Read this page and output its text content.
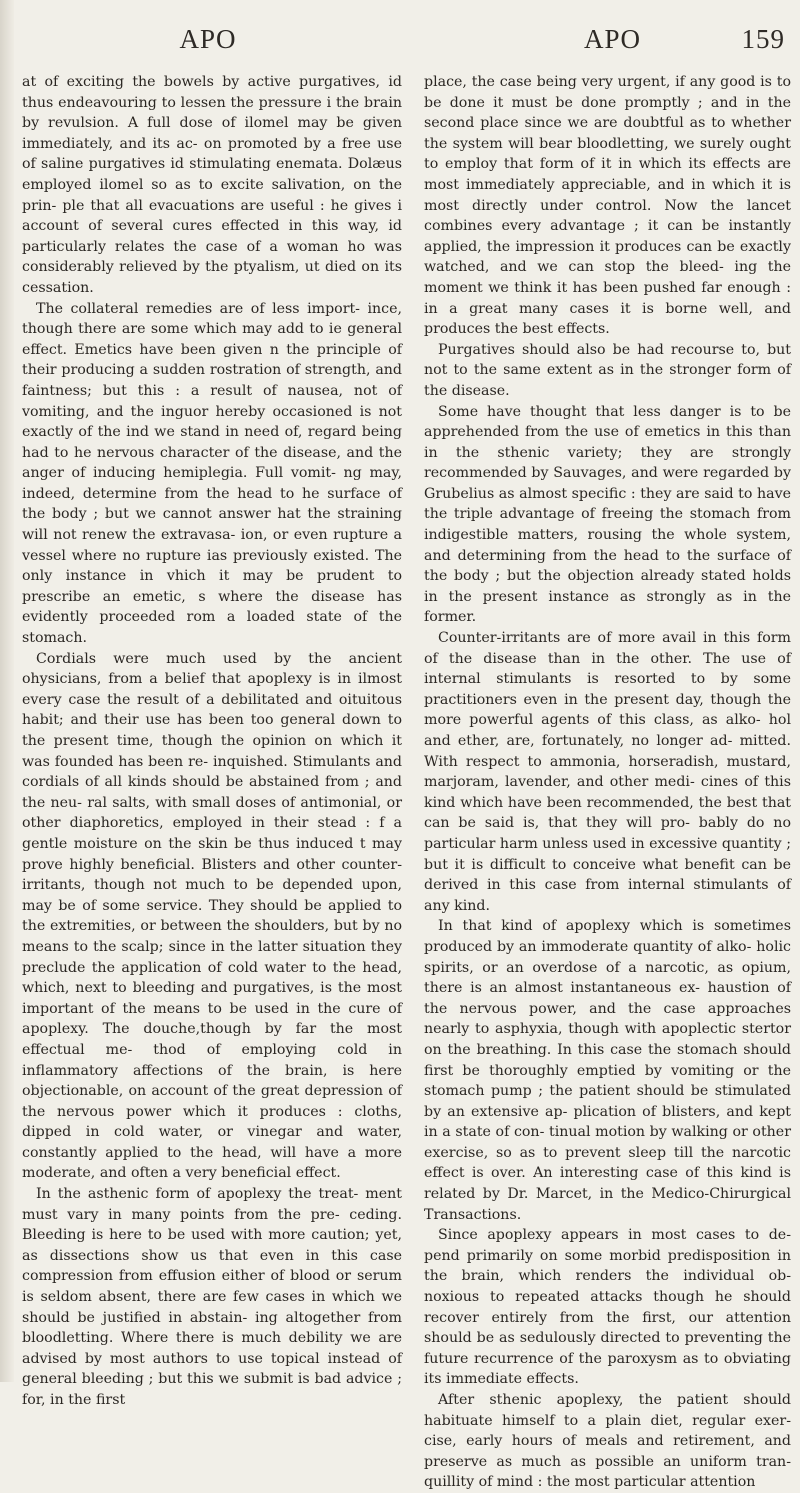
APO	APO	159

at of exciting the bowels by active purgatives, id thus endeavouring to lessen the pressure i the brain by revulsion. A full dose of ilomel may be given immediately, and its ac- on promoted by a free use of saline purgatives id stimulating enemata. Dolæus employed ilomel so as to excite salivation, on the prin- ple that all evacuations are useful : he gives i account of several cures effected in this way, id particularly relates the case of a woman ho was considerably relieved by the ptyalism, ut died on its cessation.

The collateral remedies are of less import- ince, though there are some which may add to ie general effect. Emetics have been given n the principle of their producing a sudden rostration of strength, and faintness; but this : a result of nausea, not of vomiting, and the inguor hereby occasioned is not exactly of the ind we stand in need of, regard being had to he nervous character of the disease, and the anger of inducing hemiplegia. Full vomit- ng may, indeed, determine from the head to he surface of the body ; but we cannot answer hat the straining will not renew the extravasa- ion, or even rupture a vessel where no rupture ias previously existed. The only instance in vhich it may be prudent to prescribe an emetic, s where the disease has evidently proceeded rom a loaded state of the stomach.

Cordials were much used by the ancient ohysicians, from a belief that apoplexy is in ilmost every case the result of a debilitated and oituitous habit; and their use has been too general down to the present time, though the opinion on which it was founded has been re- inquished. Stimulants and cordials of all kinds should be abstained from ; and the neu- ral salts, with small doses of antimonial, or other diaphoretics, employed in their stead : f a gentle moisture on the skin be thus induced t may prove highly beneficial. Blisters and other counter-irritants, though not much to be depended upon, may be of some service. They should be applied to the extremities, or between the shoulders, but by no means to the scalp; since in the latter situation they preclude the application of cold water to the head, which, next to bleeding and purgatives, is the most important of the means to be used in the cure of apoplexy. The douche,though by far the most effectual me- thod of employing cold in inflammatory affections of the brain, is here objectionable, on account of the great depression of the nervous power which it produces : cloths, dipped in cold water, or vinegar and water, constantly applied to the head, will have a more moderate, and often a very beneficial effect.

In the asthenic form of apoplexy the treat- ment must vary in many points from the pre- ceding. Bleeding is here to be used with more caution; yet, as dissections show us that even in this case compression from effusion either of blood or serum is seldom absent, there are few cases in which we should be justified in abstain- ing altogether from bloodletting. Where there is much debility we are advised by most authors to use topical instead of general bleeding ; but this we submit is bad advice ; for, in the first

place, the case being very urgent, if any good is to be done it must be done promptly ; and in the second place since we are doubtful as to whether the system will bear bloodletting, we surely ought to employ that form of it in which its effects are most immediately appreciable, and in which it is most directly under control. Now the lancet combines every advantage ; it can be instantly applied, the impression it produces can be exactly watched, and we can stop the bleed- ing the moment we think it has been pushed far enough : in a great many cases it is borne well, and produces the best effects.

Purgatives should also be had recourse to, but not to the same extent as in the stronger form of the disease.

Some have thought that less danger is to be apprehended from the use of emetics in this than in the sthenic variety; they are strongly recommended by Sauvages, and were regarded by Grubelius as almost specific : they are said to have the triple advantage of freeing the stomach from indigestible matters, rousing the whole system, and determining from the head to the surface of the body ; but the objection already stated holds in the present instance as strongly as in the former.

Counter-irritants are of more avail in this form of the disease than in the other. The use of internal stimulants is resorted to by some practitioners even in the present day, though the more powerful agents of this class, as alko- hol and ether, are, fortunately, no longer ad- mitted. With respect to ammonia, horseradish, mustard, marjoram, lavender, and other medi- cines of this kind which have been recommended, the best that can be said is, that they will pro- bably do no particular harm unless used in excessive quantity ; but it is difficult to conceive what benefit can be derived in this case from internal stimulants of any kind.

In that kind of apoplexy which is sometimes produced by an immoderate quantity of alko- holic spirits, or an overdose of a narcotic, as opium, there is an almost instantaneous ex- haustion of the nervous power, and the case approaches nearly to asphyxia, though with apoplectic stertor on the breathing. In this case the stomach should first be thoroughly emptied by vomiting or the stomach pump ; the patient should be stimulated by an extensive ap- plication of blisters, and kept in a state of con- tinual motion by walking or other exercise, so as to prevent sleep till the narcotic effect is over. An interesting case of this kind is related by Dr. Marcet, in the Medico-Chirurgical Transactions.

Since apoplexy appears in most cases to de- pend primarily on some morbid predisposition in the brain, which renders the individual ob- noxious to repeated attacks though he should recover entirely from the first, our attention should be as sedulously directed to preventing the future recurrence of the paroxysm as to obviating its immediate effects.

After sthenic apoplexy, the patient should habituate himself to a plain diet, regular exer- cise, early hours of meals and retirement, and preserve as much as possible an uniform tran- quillity of mind : the most particular attention
